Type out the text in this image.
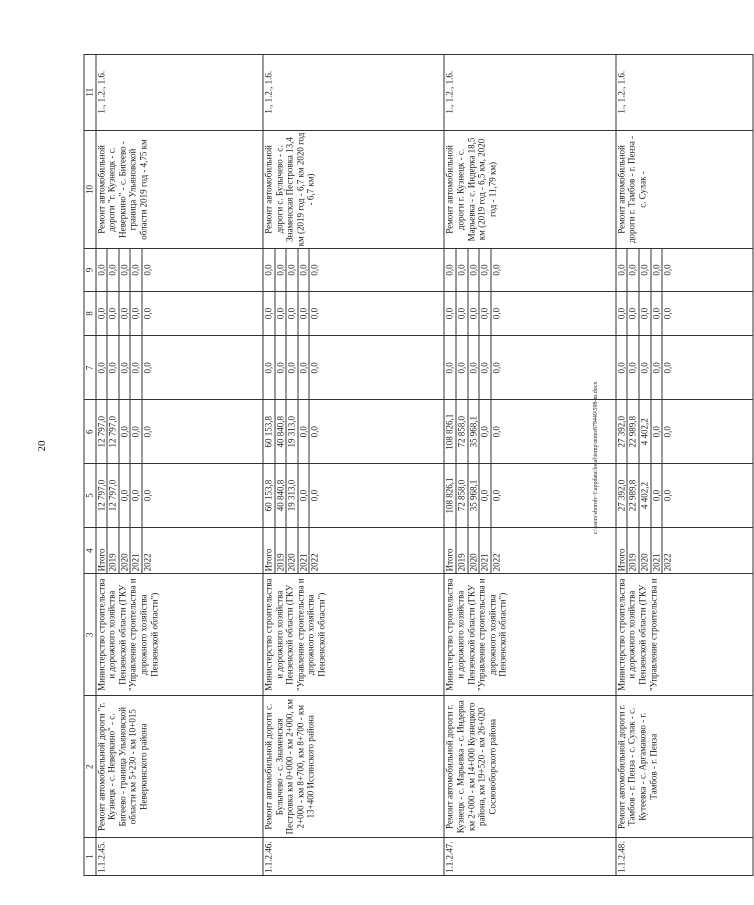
20	c:\users\sboroh~1\appdata\local\temp\notes879440\598-m.docx
1	2	3	4	5	6	7	8	9	10	11
1.1.2.45.	Ремонт автомобильной дороги "г. Кузнецк - с. Неверкино" - с. Бигеево - граница Ульяновской области км 5+230 - км 10+015 Неверкинского района	Министерство строительства и дорожного хозяйства Пензенской области (ГКУ "Управление строительства и дорожного хозяйства Пензенской области")	Итого	12 797,0	12 797,0	0,0	0,0	0,0	Ремонт автомобильной дороги "г. Кузнецк - с. Неверкино" - с. Бигеево - граница Ульяновской области 2019 год - 4,75 км	1., 1.2., 1.6.
			2019	12 797,0	12 797,0	0,0	0,0	0,0		
			2020	0,0	0,0	0,0	0,0	0,0		
			2021	0,0	0,0	0,0	0,0	0,0		
			2022	0,0	0,0	0,0	0,0	0,0		
1.1.2.46.	Ремонт автомобильной дороги с. Булычево - с. Знаменская Пестровка км 0+000 - км 2+000, км 2+000 - км 8+700, км 8+700 - км 13+400 Иссинского района	Министерство строительства и дорожного хозяйства Пензенской области (ГКУ "Управление строительства и дорожного хозяйства Пензенской области")	Итого	60 153,8	60 153,8	0,0	0,0	0,0	Ремонт автомобильной дороги с. Булычево - с. Знаменская Пестровка 13,4 км (2019 год - 6,7 км 2020 год - 6,7 км)	1., 1.2., 1.6.
			2019	40 840,8	40 840,8	0,0	0,0	0,0		
			2020	19 313,0	19 313,0	0,0	0,0	0,0		
			2021	0,0	0,0	0,0	0,0	0,0		
			2022	0,0	0,0	0,0	0,0	0,0		
1.1.2.47.	Ремонт автомобильной дороги г. Кузнецк - с. Марьевка - с. Индерка км 2+000 - км 14+000 Кузнецкого района, км 19+520 - км 26+020 Сосновоборского района	Министерство строительства и дорожного хозяйства Пензенской области (ГКУ "Управление строительства и дорожного хозяйства Пензенской области")	Итого	108 826,1	108 826,1	0,0	0,0	0,0	Ремонт автомобильной дороги г. Кузнецк - с. Марьевка - с. Индерка 18,5 км (2019 год - 6,5 км, 2020 год - 11,79 км)	1., 1.2., 1.6.
			2019	72 858,0	72 858,0	0,0	0,0	0,0		
			2020	35 968,1	35 968,1	0,0	0,0	0,0		
			2021	0,0	0,0	0,0	0,0	0,0		
			2022	0,0	0,0	0,0	0,0	0,0		
1.1.2.48.	Ремонт автомобильной дороги г. Тамбов - г. Пенза - с. Сулак - с. Кутеевка - с. Аргамаково - г. Тамбов - г. Пенза	Министерство строительства и дорожного хозяйства Пензенской области (ГКУ "Управление строительства и	Итого	27 392,0	27 392,0	0,0	0,0	0,0	Ремонт автомобильной дороги г. Тамбов - г. Пенза - с. Сулак -	1., 1.2., 1.6.
			2019	22 989,8	22 989,8	0,0	0,0	0,0		
			2020	4 402,2	4 402,2	0,0	0,0	0,0		
			2021	0,0	0,0	0,0	0,0	0,0		
			2022	0,0	0,0	0,0	0,0	0,0		
